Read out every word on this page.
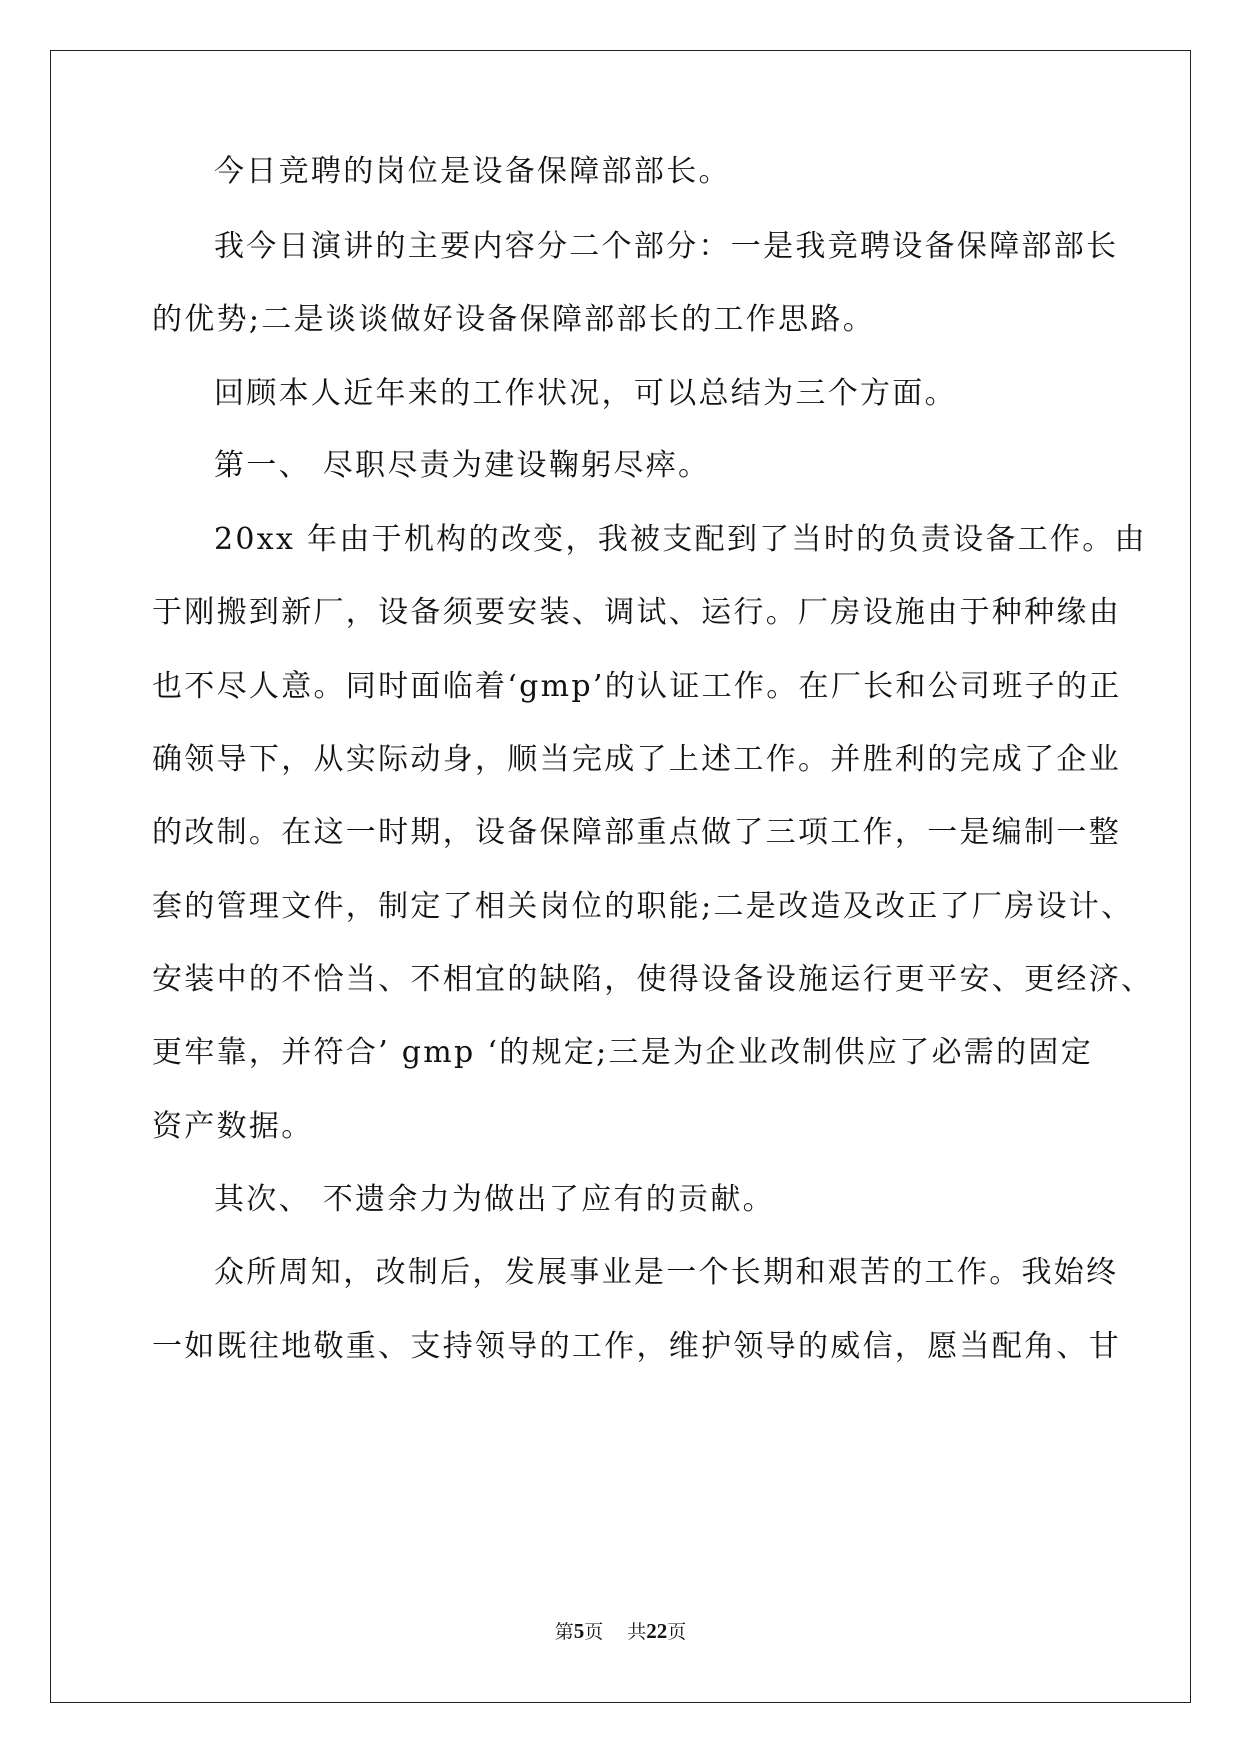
今日竞聘的岗位是设备保障部部长。
我今日演讲的主要内容分二个部分：一是我竞聘设备保障部部长
的优势;二是谈谈做好设备保障部部长的工作思路。
回顾本人近年来的工作状况，可以总结为三个方面。
第一、 尽职尽责为建设鞠躬尽瘁。
20xx 年由于机构的改变，我被支配到了当时的负责设备工作。由
于刚搬到新厂，设备须要安装、调试、运行。厂房设施由于种种缘由
也不尽人意。同时面临着‘gmp’的认证工作。在厂长和公司班子的正
确领导下，从实际动身，顺当完成了上述工作。并胜利的完成了企业
的改制。在这一时期，设备保障部重点做了三项工作，一是编制一整
套的管理文件，制定了相关岗位的职能;二是改造及改正了厂房设计、
安装中的不恰当、不相宜的缺陷，使得设备设施运行更平安、更经济、
更牢靠，并符合’ gmp ‘的规定;三是为企业改制供应了必需的固定
资产数据。
其次、 不遗余力为做出了应有的贡献。
众所周知，改制后，发展事业是一个长期和艰苦的工作。我始终
一如既往地敬重、支持领导的工作，维护领导的威信，愿当配角、甘
第5页 共22页
